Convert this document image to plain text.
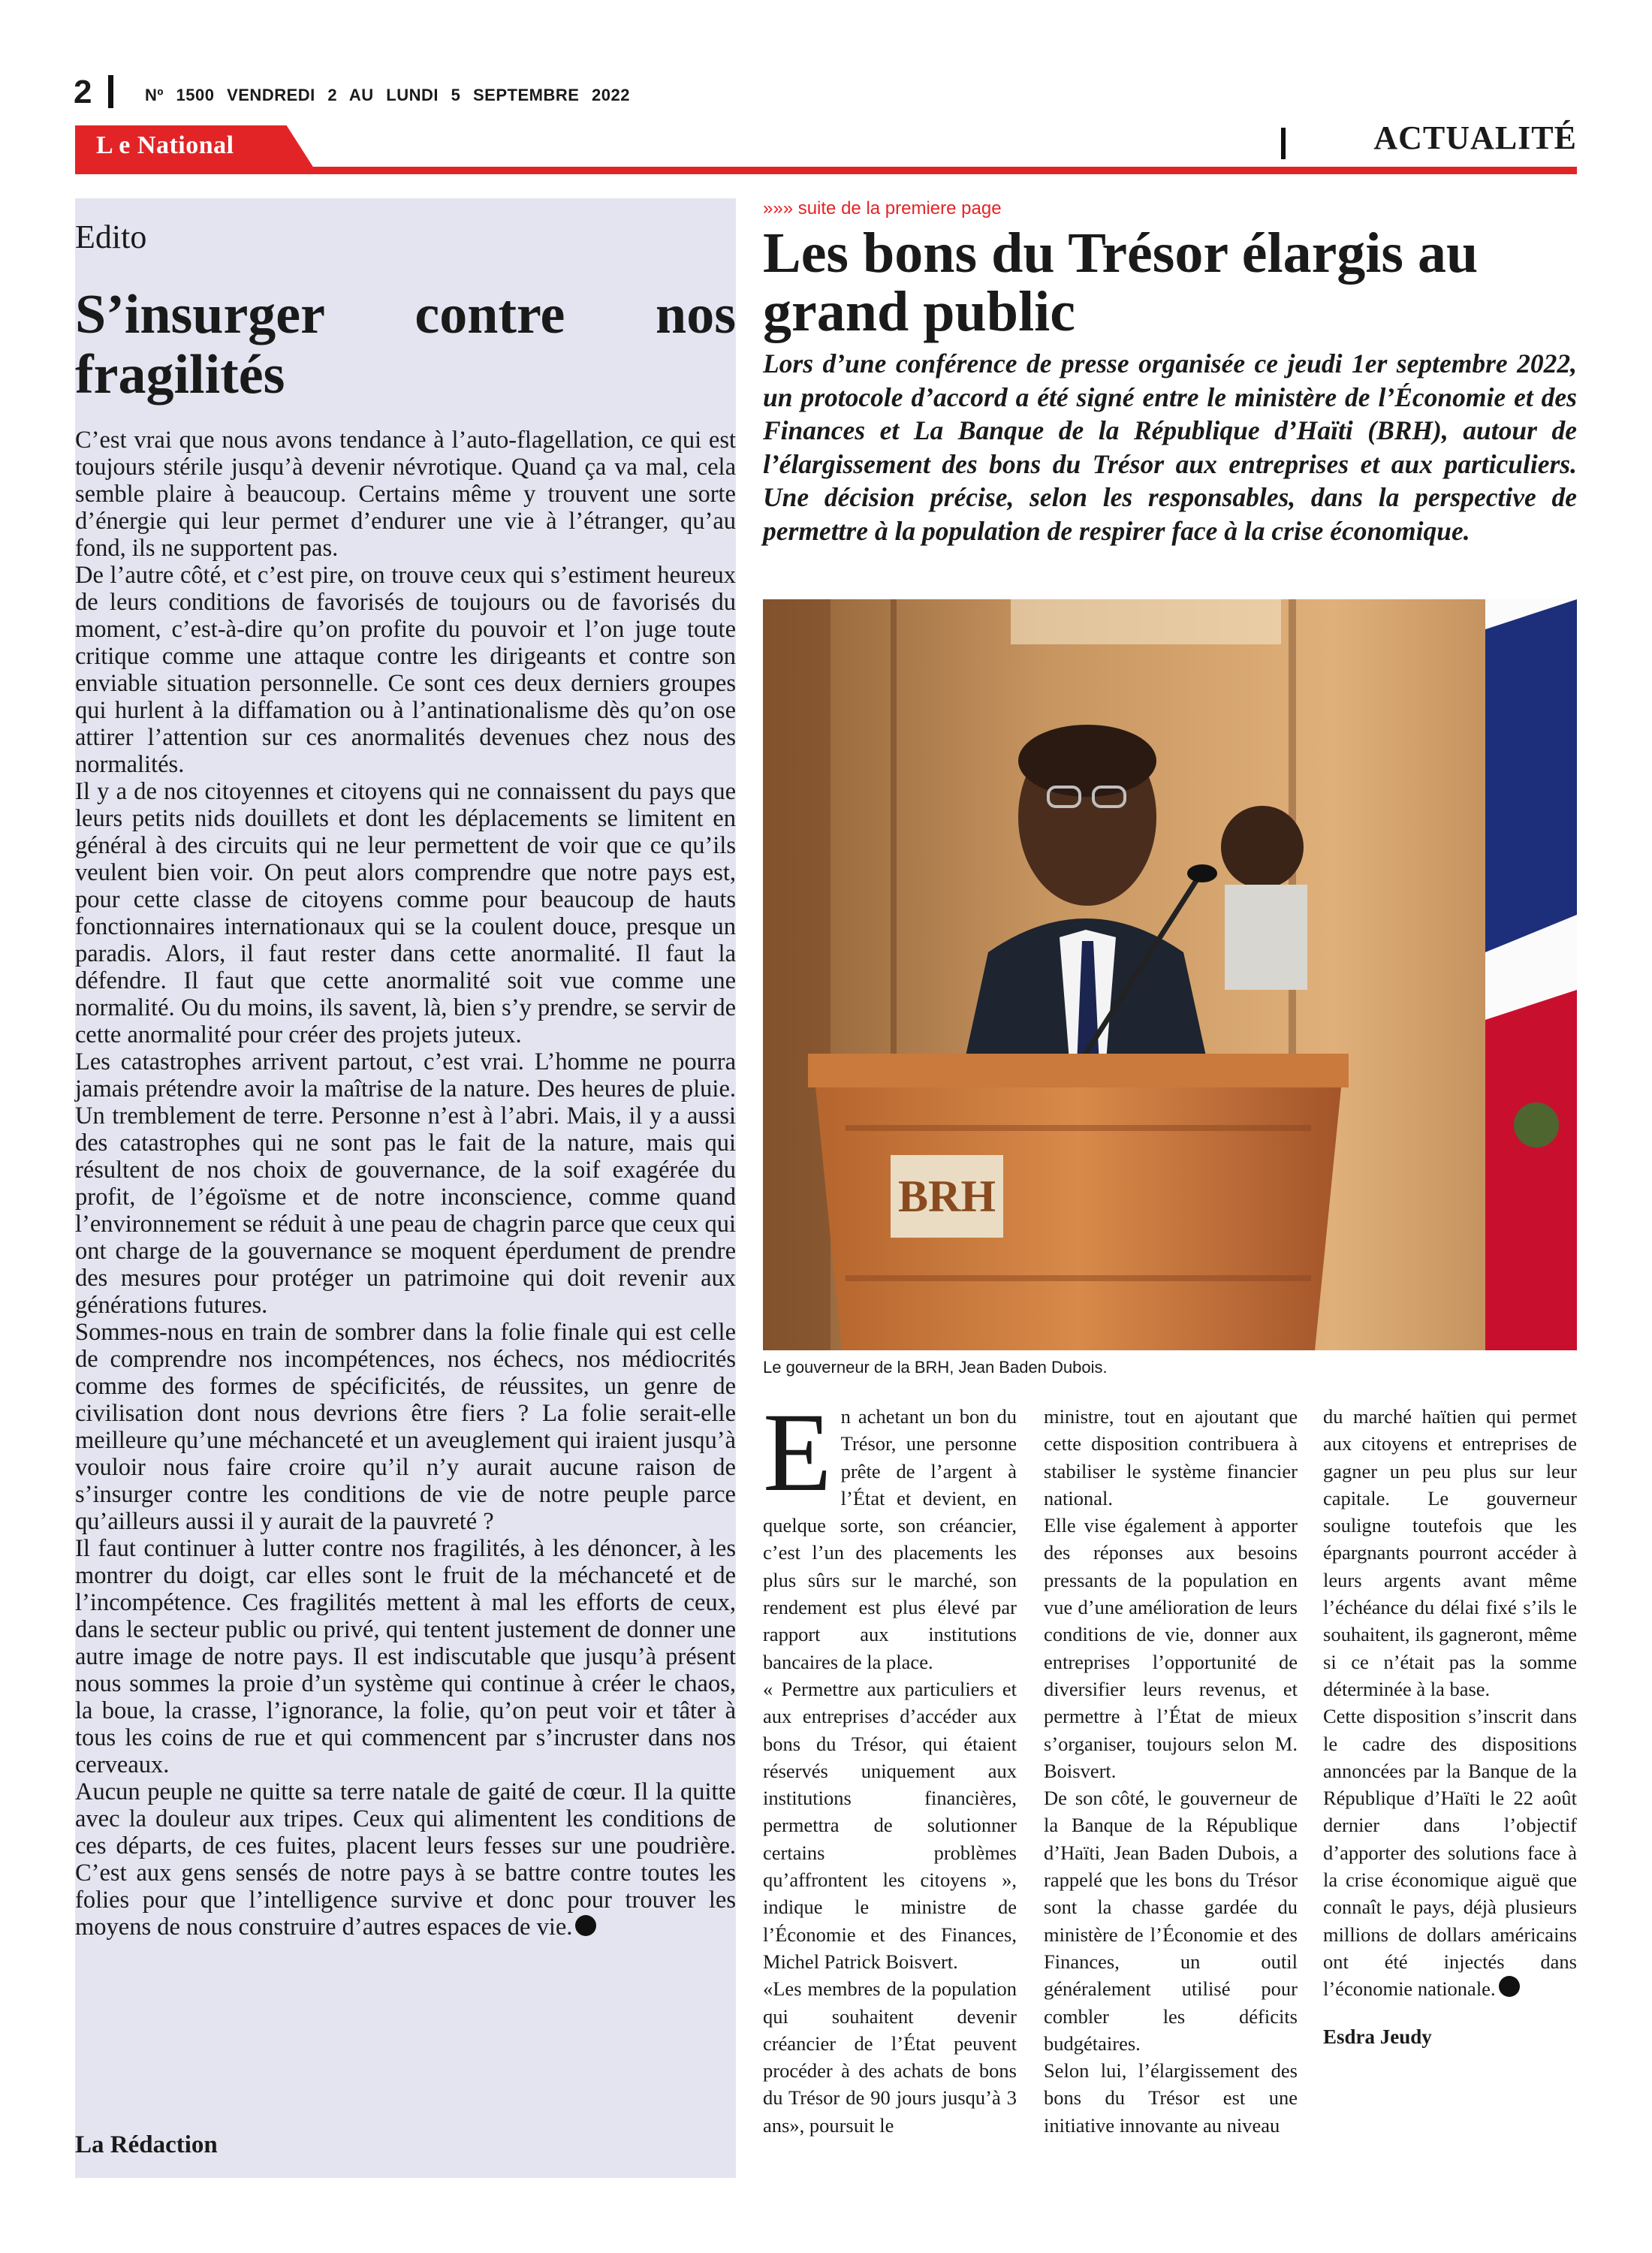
2	Nº 1500 VENDREDI 2 AU LUNDI 5 SEPTEMBRE 2022
L e National	ACTUALITÉ
Edito
S’insurger contre nos fragilités

C’est vrai que nous avons tendance à l’auto-flagellation, ce qui est toujours stérile jusqu’à devenir névrotique. Quand ça va mal, cela semble plaire à beaucoup. Certains même y trouvent une sorte d’énergie qui leur permet d’endurer une vie à l’étranger, qu’au fond, ils ne supportent pas.

De l’autre côté, et c’est pire, on trouve ceux qui s’estiment heureux de leurs conditions de favorisés de toujours ou de favorisés du moment, c’est-à-dire qu’on profite du pouvoir et l’on juge toute critique comme une attaque contre les dirigeants et contre son enviable situation personnelle. Ce sont ces deux derniers groupes qui hurlent à la diffamation ou à l’antinationalisme dès qu’on ose attirer l’attention sur ces anormalités devenues chez nous des normalités.

Il y a de nos citoyennes et citoyens qui ne connaissent du pays que leurs petits nids douillets et dont les déplacements se limitent en général à des circuits qui ne leur permettent de voir que ce qu’ils veulent bien voir. On peut alors comprendre que notre pays est, pour cette classe de citoyens comme pour beaucoup de hauts fonctionnaires internationaux qui se la coulent douce, presque un paradis. Alors, il faut rester dans cette anormalité. Il faut la défendre. Il faut que cette anormalité soit vue comme une normalité. Ou du moins, ils savent, là, bien s’y prendre, se servir de cette anormalité pour créer des projets juteux.

Les catastrophes arrivent partout, c’est vrai. L’homme ne pourra jamais prétendre avoir la maîtrise de la nature. Des heures de pluie. Un tremblement de terre. Personne n’est à l’abri. Mais, il y a aussi des catastrophes qui ne sont pas le fait de la nature, mais qui résultent de nos choix de gouvernance, de la soif exagérée du profit, de l’égoïsme et de notre inconscience, comme quand l’environnement se réduit à une peau de chagrin parce que ceux qui ont charge de la gouvernance se moquent éperdument de prendre des mesures pour protéger un patrimoine qui doit revenir aux générations futures.

Sommes-nous en train de sombrer dans la folie finale qui est celle de comprendre nos incompétences, nos échecs, nos médiocrités comme des formes de spécificités, de réussites, un genre de civilisation dont nous devrions être fiers ? La folie serait-elle meilleure qu’une méchanceté et un aveuglement qui iraient jusqu’à vouloir nous faire croire qu’il n’y aurait aucune raison de s’insurger contre les conditions de vie de notre peuple parce qu’ailleurs aussi il y aurait de la pauvreté ?

Il faut continuer à lutter contre nos fragilités, à les dénoncer, à les montrer du doigt, car elles sont le fruit de la méchanceté et de l’incompétence. Ces fragilités mettent à mal les efforts de ceux, dans le secteur public ou privé, qui tentent justement de donner une autre image de notre pays. Il est indiscutable que jusqu’à présent nous sommes la proie d’un système qui continue à créer le chaos, la boue, la crasse, l’ignorance, la folie, qu’on peut voir et tâter à tous les coins de rue et qui commencent par s’incruster dans nos cerveaux.

Aucun peuple ne quitte sa terre natale de gaité de cœur. Il la quitte avec la douleur aux tripes. Ceux qui alimentent les conditions de ces départs, de ces fuites, placent leurs fesses sur une poudrière. C’est aux gens sensés de notre pays à se battre contre toutes les folies pour que l’intelligence survive et donc pour trouver les moyens de nous construire d’autres espaces de vie.

La Rédaction
»»» suite de la premiere page
Les bons du Trésor élargis au grand public
Lors d’une conférence de presse organisée ce jeudi 1er septembre 2022, un protocole d’accord a été signé entre le ministère de l’Économie et des Finances et La Banque de la République d’Haïti (BRH), autour de l’élargissement des bons du Trésor aux entreprises et aux particuliers. Une décision précise, selon les responsables, dans la perspective de permettre à la population de respirer face à la crise économique.
BRH
Le gouverneur de la BRH, Jean Baden Dubois.

En achetant un bon du Trésor, une personne prête de l’argent à l’État et devient, en quelque sorte, son créancier, c’est l’un des placements les plus sûrs sur le marché, son rendement est plus élevé par rapport aux institutions bancaires de la place.

« Permettre aux particuliers et aux entreprises d’accéder aux bons du Trésor, qui étaient réservés uniquement aux institutions financières, permettra de solutionner certains problèmes qu’affrontent les citoyens », indique le ministre de l’Économie et des Finances, Michel Patrick Boisvert.

«Les membres de la population qui souhaitent devenir créancier de l’État peuvent procéder à des achats de bons du Trésor de 90 jours jusqu’à 3 ans», poursuit le

ministre, tout en ajoutant que cette disposition contribuera à stabiliser le système financier national.

Elle vise également à apporter des réponses aux besoins pressants de la population en vue d’une amélioration de leurs conditions de vie, donner aux entreprises l’opportunité de diversifier leurs revenus, et permettre à l’État de mieux s’organiser, toujours selon M. Boisvert.

De son côté, le gouverneur de la Banque de la République d’Haïti, Jean Baden Dubois, a rappelé que les bons du Trésor sont la chasse gardée du ministère de l’Économie et des Finances, un outil généralement utilisé pour combler les déficits budgétaires.

Selon lui, l’élargissement des bons du Trésor est une initiative innovante au niveau

du marché haïtien qui permet aux citoyens et entreprises de gagner un peu plus sur leur capitale. Le gouverneur souligne toutefois que les épargnants pourront accéder à leurs argents avant même l’échéance du délai fixé s’ils le souhaitent, ils gagneront, même si ce n’était pas la somme déterminée à la base.

Cette disposition s’inscrit dans le cadre des dispositions annoncées par la Banque de la République d’Haïti le 22 août dernier dans l’objectif d’apporter des solutions face à la crise économique aiguë que connaît le pays, déjà plusieurs millions de dollars américains ont été injectés dans l’économie nationale.

Esdra Jeudy
